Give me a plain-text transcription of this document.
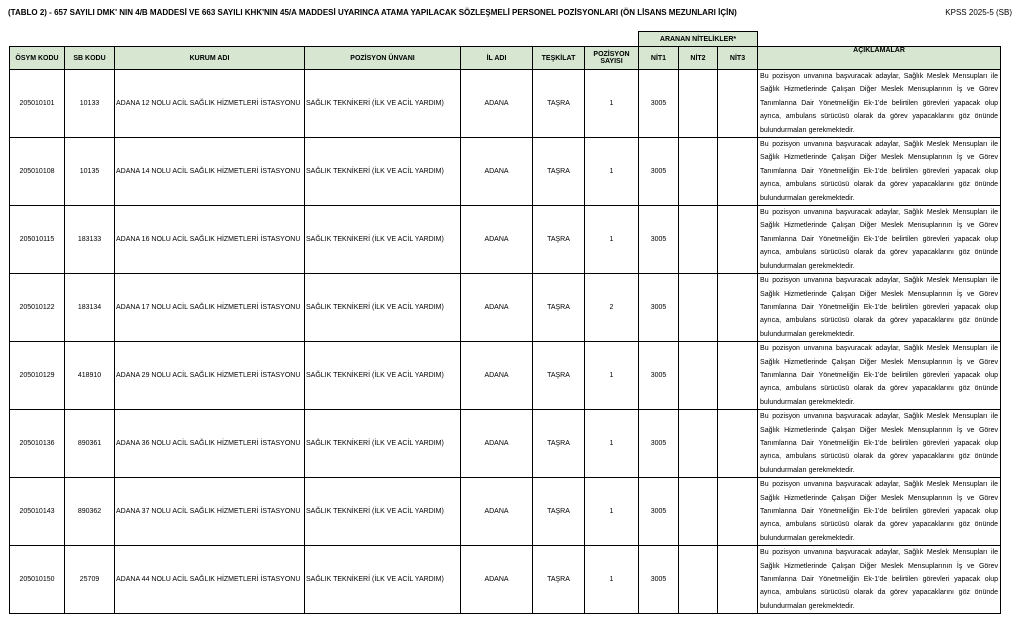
(TABLO 2) - 657 SAYILI DMK' NIN 4/B MADDESİ VE 663 SAYILI KHK'NIN 45/A MADDESİ UYARINCA ATAMA YAPILACAK SÖZLEŞMELİ PERSONEL POZİSYONLARI (ÖN LİSANS MEZUNLARI İÇİN)	KPSS 2025-5 (SB)
							ARANAN NİTELİKLER*			
ÖSYM KODU	SB KODU	KURUM ADI	POZİSYON ÜNVANI	İL ADI	TEŞKİLAT	POZİSYON SAYISI	NİT1	NİT2	NİT3	AÇIKLAMALAR
205010101	10133	ADANA 12 NOLU ACİL SAĞLIK HİZMETLERİ İSTASYONU	SAĞLIK TEKNİKERİ (İLK VE ACİL YARDIM)	ADANA	TAŞRA	1	3005			Bu pozisyon unvanına başvuracak adaylar, Sağlık Meslek Mensupları ile Sağlık Hizmetlerinde Çalışan Diğer Meslek Mensuplarının İş ve Görev Tanımlarına Dair Yönetmeliğin Ek-1'de belirtilen görevleri yapacak olup ayrıca, ambulans sürücüsü olarak da görev yapacaklarını göz önünde bulundurmaları gerekmektedir.
205010108	10135	ADANA 14 NOLU ACİL SAĞLIK HİZMETLERİ İSTASYONU	SAĞLIK TEKNİKERİ (İLK VE ACİL YARDIM)	ADANA	TAŞRA	1	3005			Bu pozisyon unvanına başvuracak adaylar, Sağlık Meslek Mensupları ile Sağlık Hizmetlerinde Çalışan Diğer Meslek Mensuplarının İş ve Görev Tanımlarına Dair Yönetmeliğin Ek-1'de belirtilen görevleri yapacak olup ayrıca, ambulans sürücüsü olarak da görev yapacaklarını göz önünde bulundurmaları gerekmektedir.
205010115	183133	ADANA 16 NOLU ACİL SAĞLIK HİZMETLERİ İSTASYONU	SAĞLIK TEKNİKERİ (İLK VE ACİL YARDIM)	ADANA	TAŞRA	1	3005			Bu pozisyon unvanına başvuracak adaylar, Sağlık Meslek Mensupları ile Sağlık Hizmetlerinde Çalışan Diğer Meslek Mensuplarının İş ve Görev Tanımlarına Dair Yönetmeliğin Ek-1'de belirtilen görevleri yapacak olup ayrıca, ambulans sürücüsü olarak da görev yapacaklarını göz önünde bulundurmaları gerekmektedir.
205010122	183134	ADANA 17 NOLU ACİL SAĞLIK HİZMETLERİ İSTASYONU	SAĞLIK TEKNİKERİ (İLK VE ACİL YARDIM)	ADANA	TAŞRA	2	3005			Bu pozisyon unvanına başvuracak adaylar, Sağlık Meslek Mensupları ile Sağlık Hizmetlerinde Çalışan Diğer Meslek Mensuplarının İş ve Görev Tanımlarına Dair Yönetmeliğin Ek-1'de belirtilen görevleri yapacak olup ayrıca, ambulans sürücüsü olarak da görev yapacaklarını göz önünde bulundurmaları gerekmektedir.
205010129	418910	ADANA 29 NOLU ACİL SAĞLIK HİZMETLERİ İSTASYONU	SAĞLIK TEKNİKERİ (İLK VE ACİL YARDIM)	ADANA	TAŞRA	1	3005			Bu pozisyon unvanına başvuracak adaylar, Sağlık Meslek Mensupları ile Sağlık Hizmetlerinde Çalışan Diğer Meslek Mensuplarının İş ve Görev Tanımlarına Dair Yönetmeliğin Ek-1'de belirtilen görevleri yapacak olup ayrıca, ambulans sürücüsü olarak da görev yapacaklarını göz önünde bulundurmaları gerekmektedir.
205010136	890361	ADANA 36 NOLU ACİL SAĞLIK HİZMETLERİ İSTASYONU	SAĞLIK TEKNİKERİ (İLK VE ACİL YARDIM)	ADANA	TAŞRA	1	3005			Bu pozisyon unvanına başvuracak adaylar, Sağlık Meslek Mensupları ile Sağlık Hizmetlerinde Çalışan Diğer Meslek Mensuplarının İş ve Görev Tanımlarına Dair Yönetmeliğin Ek-1'de belirtilen görevleri yapacak olup ayrıca, ambulans sürücüsü olarak da görev yapacaklarını göz önünde bulundurmaları gerekmektedir.
205010143	890362	ADANA 37 NOLU ACİL SAĞLIK HİZMETLERİ İSTASYONU	SAĞLIK TEKNİKERİ (İLK VE ACİL YARDIM)	ADANA	TAŞRA	1	3005			Bu pozisyon unvanına başvuracak adaylar, Sağlık Meslek Mensupları ile Sağlık Hizmetlerinde Çalışan Diğer Meslek Mensuplarının İş ve Görev Tanımlarına Dair Yönetmeliğin Ek-1'de belirtilen görevleri yapacak olup ayrıca, ambulans sürücüsü olarak da görev yapacaklarını göz önünde bulundurmaları gerekmektedir.
205010150	25709	ADANA 44 NOLU ACİL SAĞLIK HİZMETLERİ İSTASYONU	SAĞLIK TEKNİKERİ (İLK VE ACİL YARDIM)	ADANA	TAŞRA	1	3005			Bu pozisyon unvanına başvuracak adaylar, Sağlık Meslek Mensupları ile Sağlık Hizmetlerinde Çalışan Diğer Meslek Mensuplarının İş ve Görev Tanımlarına Dair Yönetmeliğin Ek-1'de belirtilen görevleri yapacak olup ayrıca, ambulans sürücüsü olarak da görev yapacaklarını göz önünde bulundurmaları gerekmektedir.
